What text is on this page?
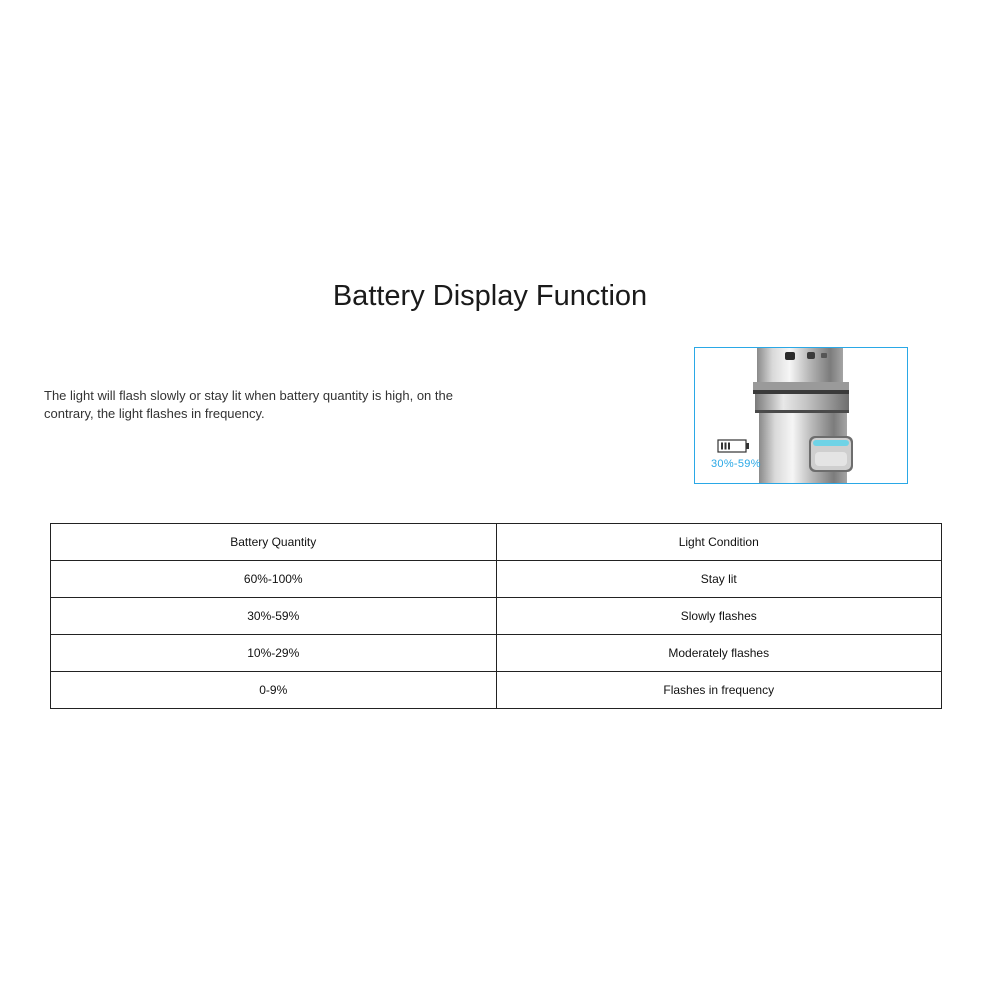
Battery Display Function

The light will flash slowly or stay lit when battery quantity is high, on the contrary, the light flashes in frequency.

30%-59%
Battery Quantity	Light Condition
60%-100%	Stay lit
30%-59%	Slowly flashes
10%-29%	Moderately flashes
0-9%	Flashes in frequency
